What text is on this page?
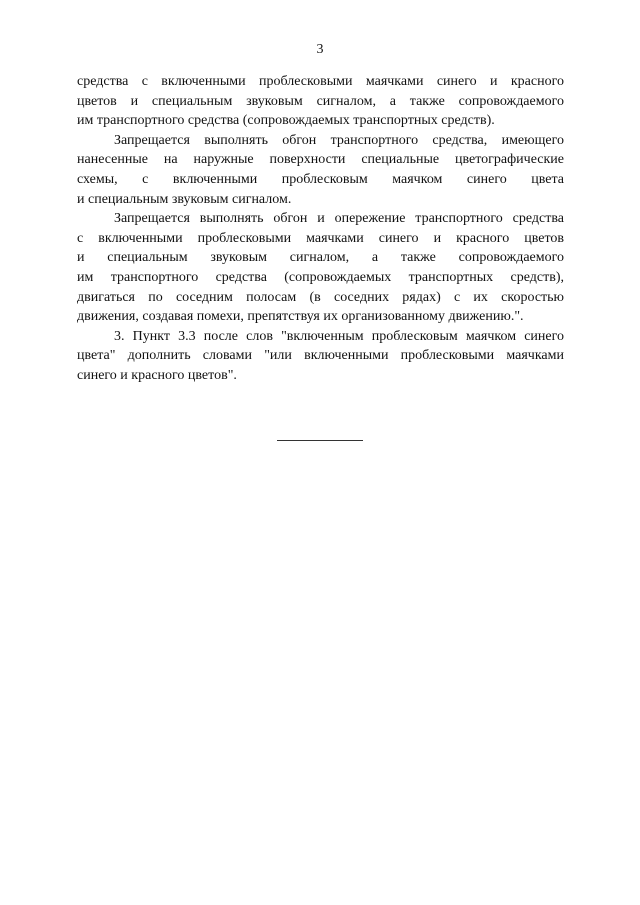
3
средства с включенными проблесковыми маячками синего и красного
цветов и специальным звуковым сигналом, а также сопровождаемого
им транспортного средства (сопровождаемых транспортных средств).
Запрещается выполнять обгон транспортного средства, имеющего
нанесенные на наружные поверхности специальные цветографические
схемы, с включенными проблесковым маячком синего цвета
и специальным звуковым сигналом.
Запрещается выполнять обгон и опережение транспортного средства
с включенными проблесковыми маячками синего и красного цветов
и специальным звуковым сигналом, а также сопровождаемого
им транспортного средства (сопровождаемых транспортных средств),
двигаться по соседним полосам (в соседних рядах) с их скоростью
движения, создавая помехи, препятствуя их организованному движению.".
3. Пункт 3.3 после слов "включенным проблесковым маячком синего
цвета" дополнить словами "или включенными проблесковыми маячками
синего и красного цветов".
